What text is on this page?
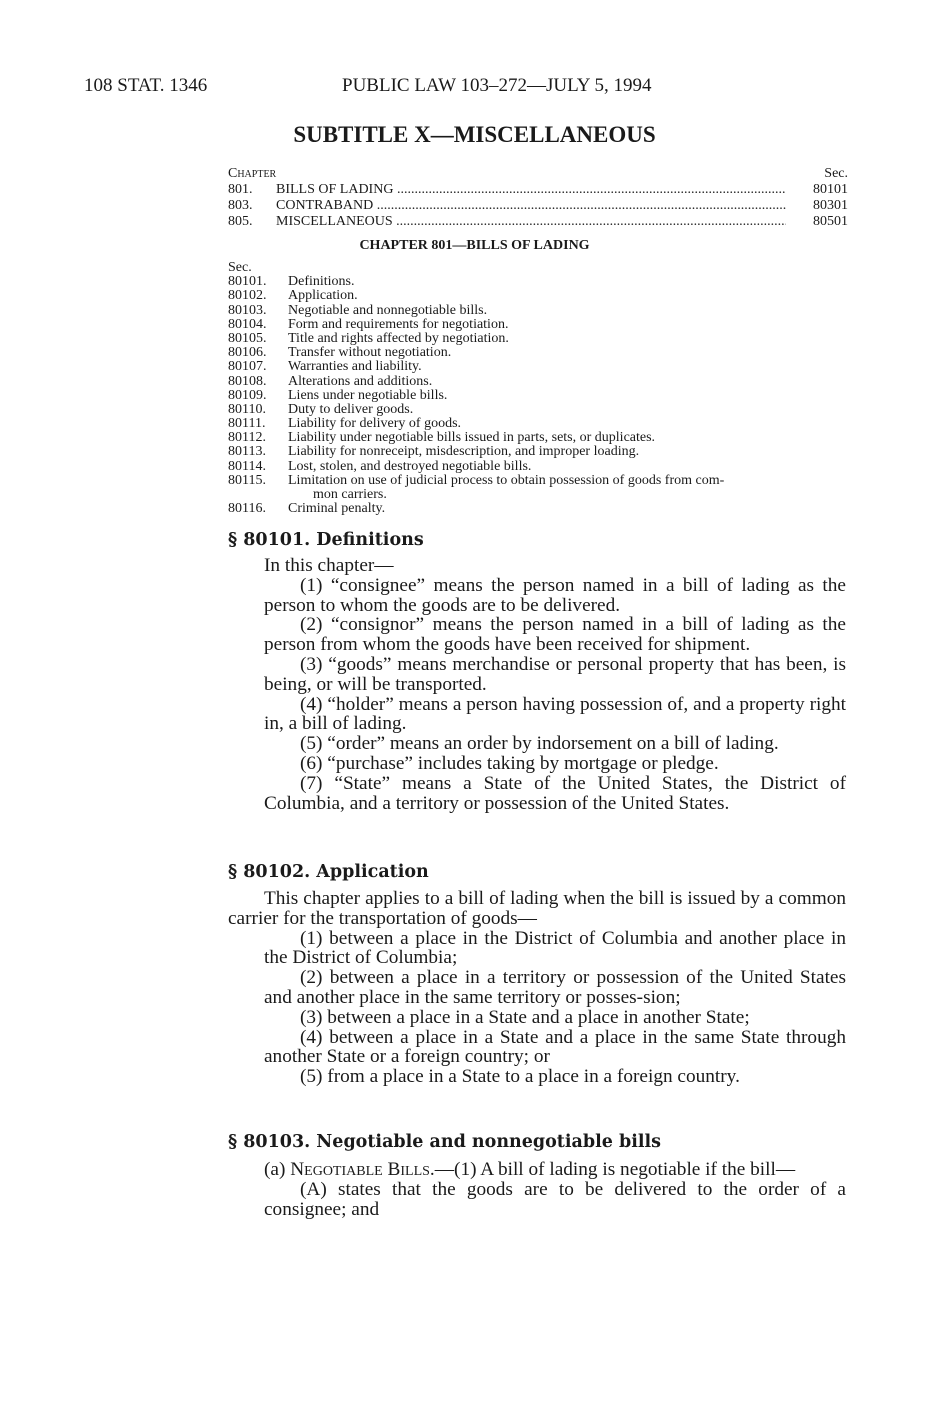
108 STAT. 1346	PUBLIC LAW 103–272—JULY 5, 1994
SUBTITLE X—MISCELLANEOUS
Chapter	Sec.
801. BILLS OF LADING .....	80101
803. CONTRABAND .....	80301
805. MISCELLANEOUS .....	80501
CHAPTER 801—BILLS OF LADING
Sec.
80101. Definitions.
80102. Application.
80103. Negotiable and nonnegotiable bills.
80104. Form and requirements for negotiation.
80105. Title and rights affected by negotiation.
80106. Transfer without negotiation.
80107. Warranties and liability.
80108. Alterations and additions.
80109. Liens under negotiable bills.
80110. Duty to deliver goods.
80111. Liability for delivery of goods.
80112. Liability under negotiable bills issued in parts, sets, or duplicates.
80113. Liability for nonreceipt, misdescription, and improper loading.
80114. Lost, stolen, and destroyed negotiable bills.
80115. Limitation on use of judicial process to obtain possession of goods from com-
mon carriers.
80116. Criminal penalty.
§ 80101. Definitions

In this chapter—

(1) “consignee” means the person named in a bill of lading as the person to whom the goods are to be delivered.

(2) “consignor” means the person named in a bill of lading as the person from whom the goods have been received for shipment.

(3) “goods” means merchandise or personal property that has been, is being, or will be transported.

(4) “holder” means a person having possession of, and a property right in, a bill of lading.

(5) “order” means an order by indorsement on a bill of lading.

(6) “purchase” includes taking by mortgage or pledge.

(7) “State” means a State of the United States, the District of Columbia, and a territory or possession of the United States.

§ 80102. Application

This chapter applies to a bill of lading when the bill is issued by a common carrier for the transportation of goods—

(1) between a place in the District of Columbia and another place in the District of Columbia;

(2) between a place in a territory or possession of the United States and another place in the same territory or posses-sion;

(3) between a place in a State and a place in another State;

(4) between a place in a State and a place in the same State through another State or a foreign country; or

(5) from a place in a State to a place in a foreign country.

§ 80103. Negotiable and nonnegotiable bills

(a) Negotiable Bills.—(1) A bill of lading is negotiable if the bill—

(A) states that the goods are to be delivered to the order of a consignee; and
